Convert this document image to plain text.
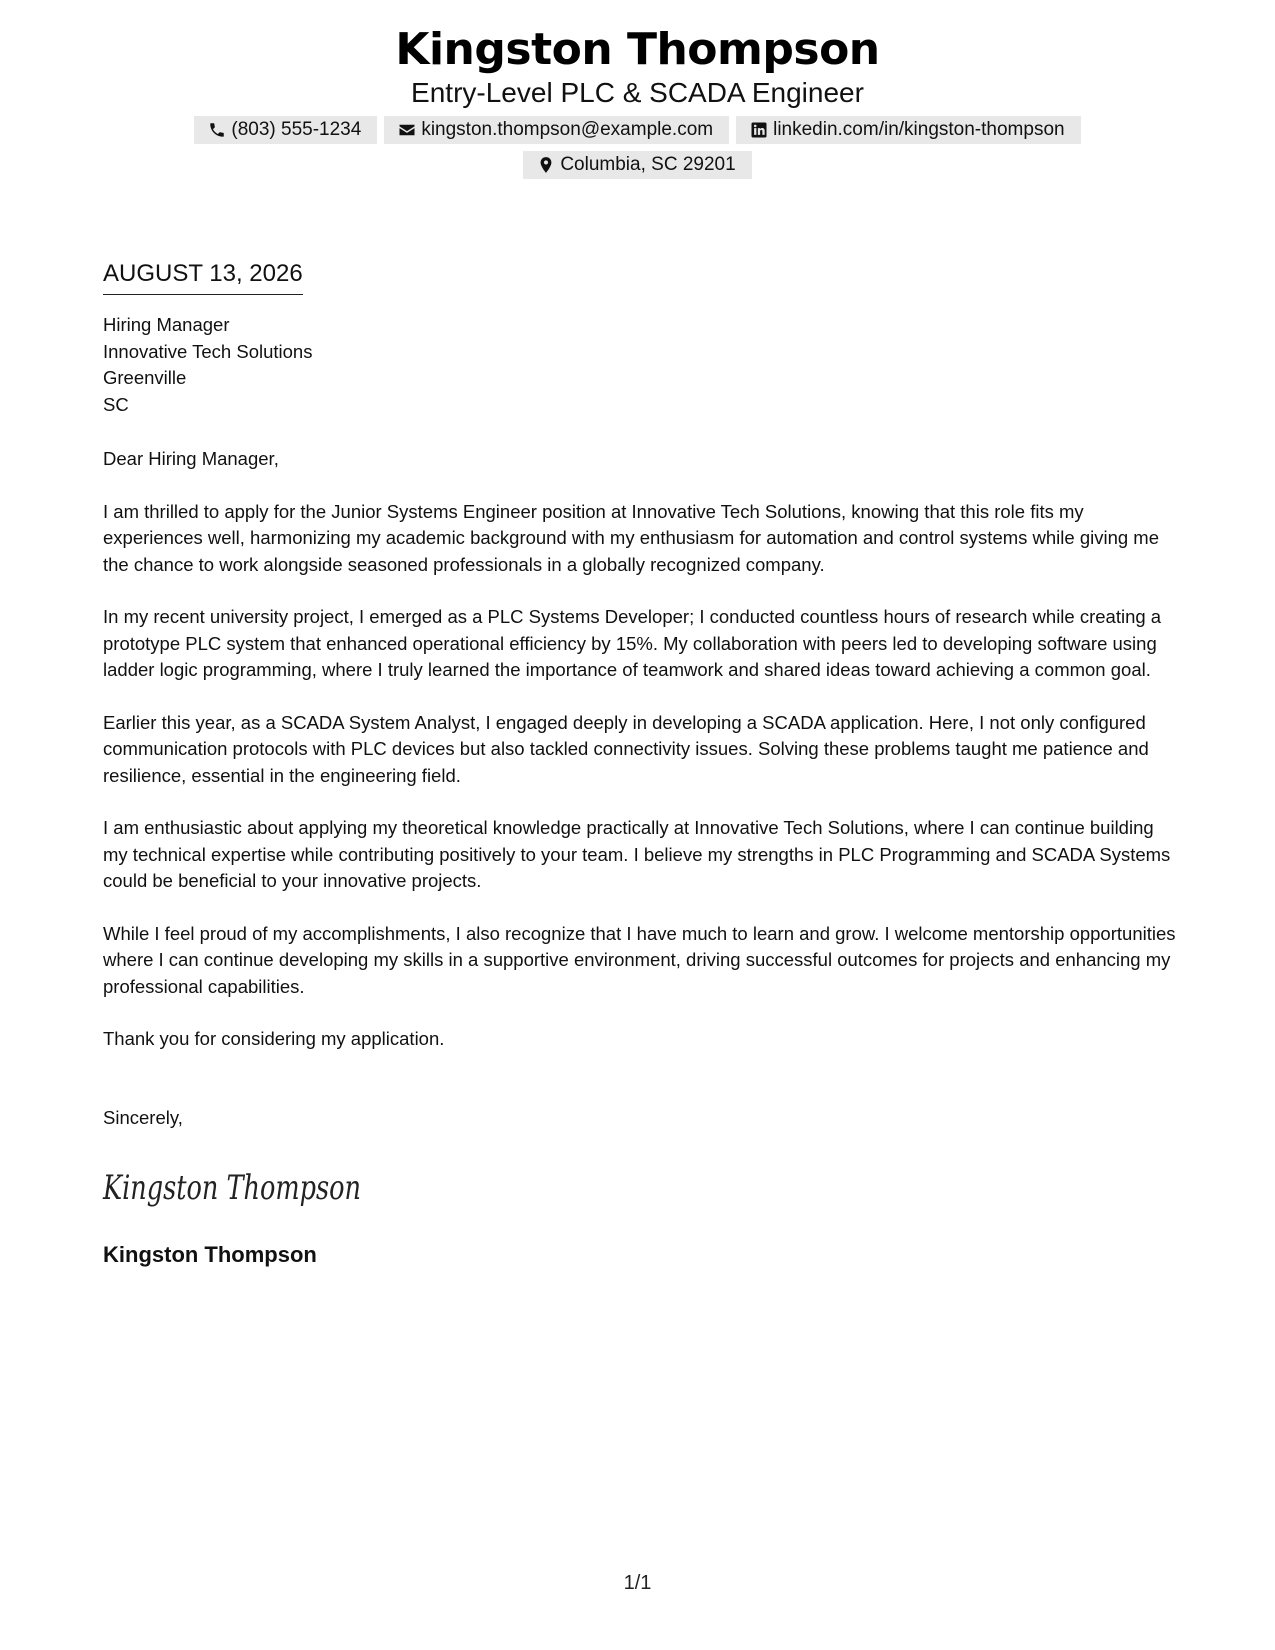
Kingston Thompson
Entry-Level PLC & SCADA Engineer
(803) 555-1234	kingston.thompson@example.com	linkedin.com/in/kingston-thompson
Columbia, SC 29201
AUGUST 13, 2026
Hiring Manager
Innovative Tech Solutions
Greenville
SC
Dear Hiring Manager,
I am thrilled to apply for the Junior Systems Engineer position at Innovative Tech Solutions, knowing that this role fits my experiences well, harmonizing my academic background with my enthusiasm for automation and control systems while giving me the chance to work alongside seasoned professionals in a globally recognized company.
In my recent university project, I emerged as a PLC Systems Developer; I conducted countless hours of research while creating a prototype PLC system that enhanced operational efficiency by 15%. My collaboration with peers led to developing software using ladder logic programming, where I truly learned the importance of teamwork and shared ideas toward achieving a common goal.
Earlier this year, as a SCADA System Analyst, I engaged deeply in developing a SCADA application. Here, I not only configured communication protocols with PLC devices but also tackled connectivity issues. Solving these problems taught me patience and resilience, essential in the engineering field.
I am enthusiastic about applying my theoretical knowledge practically at Innovative Tech Solutions, where I can continue building my technical expertise while contributing positively to your team. I believe my strengths in PLC Programming and SCADA Systems could be beneficial to your innovative projects.
While I feel proud of my accomplishments, I also recognize that I have much to learn and grow. I welcome mentorship opportunities where I can continue developing my skills in a supportive environment, driving successful outcomes for projects and enhancing my professional capabilities.
Thank you for considering my application.
Sincerely,
Kingston Thompson
Kingston Thompson
1/1
